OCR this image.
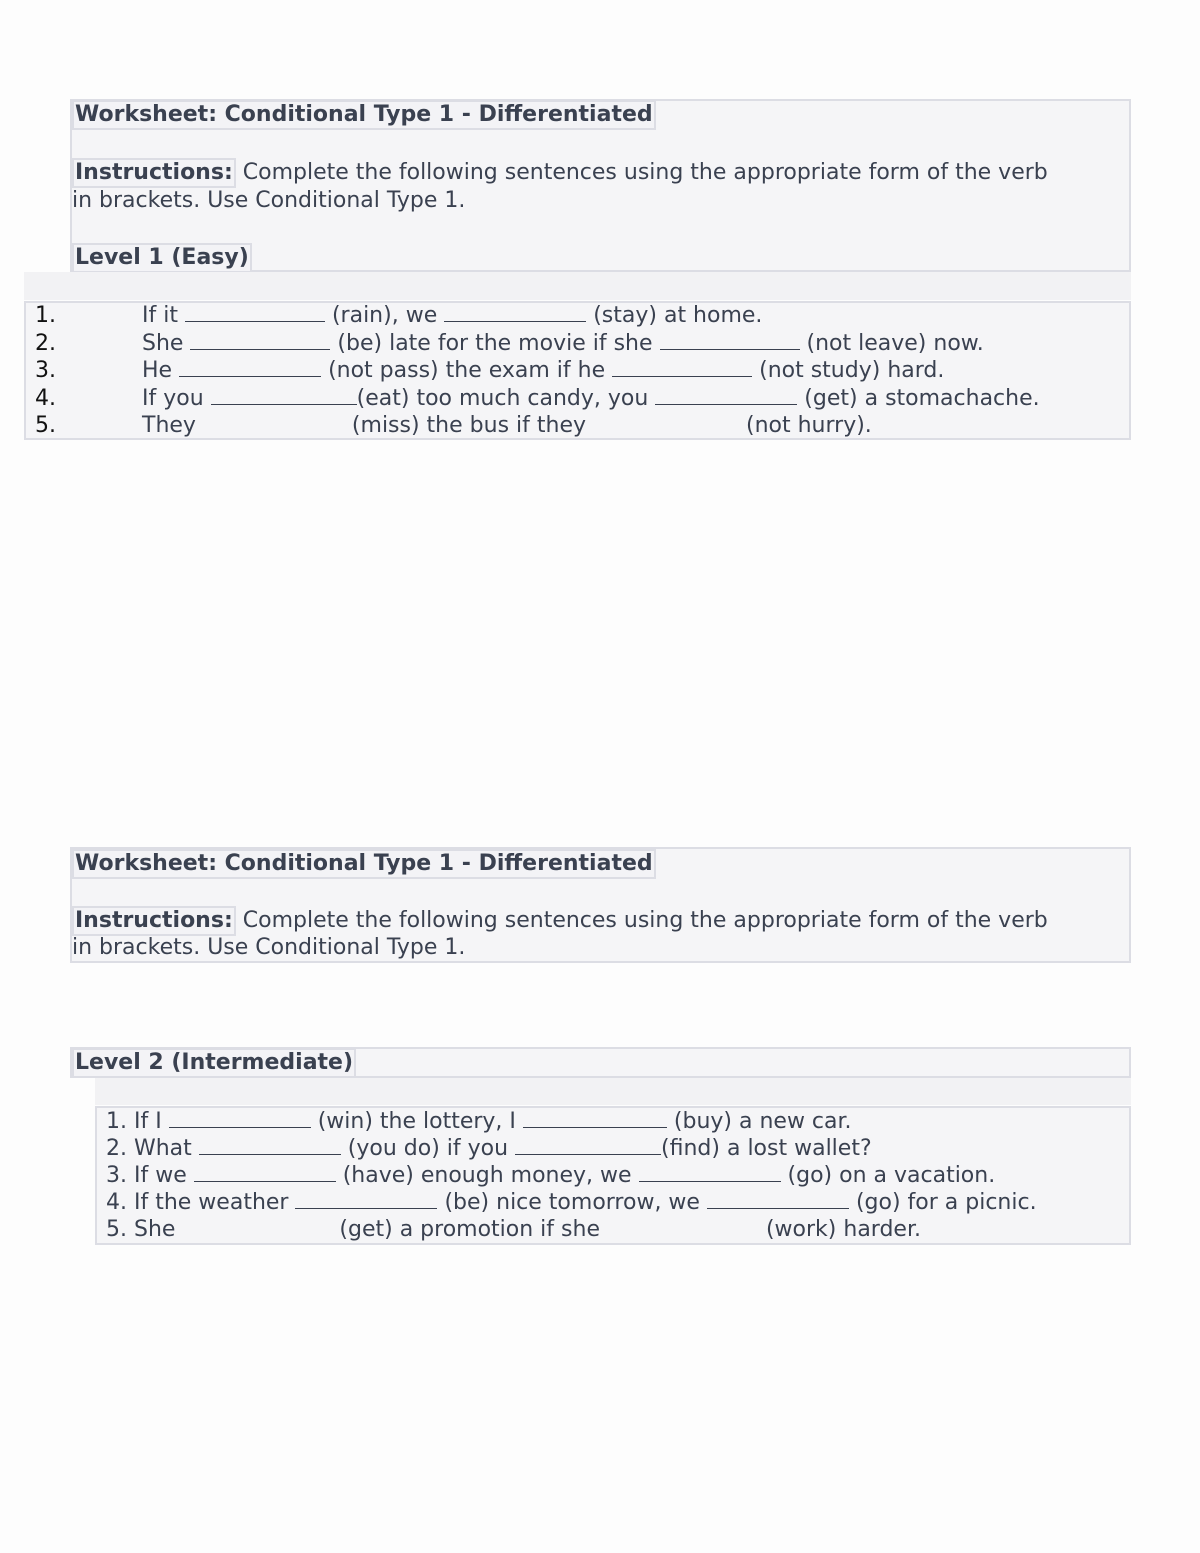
Worksheet: Conditional Type 1 - Differentiated
Instructions: Complete the following sentences using the appropriate form of the verb
in brackets. Use Conditional Type 1.
Level 1 (Easy)
1.	If it	(rain), we	(stay) at home.
2.	She	(be) late for the movie if she	(not leave) now.
3.	He	(not pass) the exam if he	(not study) hard.
4.	If you	(eat) too much candy, you	(get) a stomachache.
5.	They	(miss) the bus if they	(not hurry).
Worksheet: Conditional Type 1 - Differentiated
Instructions: Complete the following sentences using the appropriate form of the verb
in brackets. Use Conditional Type 1.
Level 2 (Intermediate)
1. If I	(win) the lottery, I	(buy) a new car.
2. What	(you do) if you	(find) a lost wallet?
3. If we	(have) enough money, we	(go) on a vacation.
4. If the weather	(be) nice tomorrow, we	(go) for a picnic.
5. She	(get) a promotion if she	(work) harder.
